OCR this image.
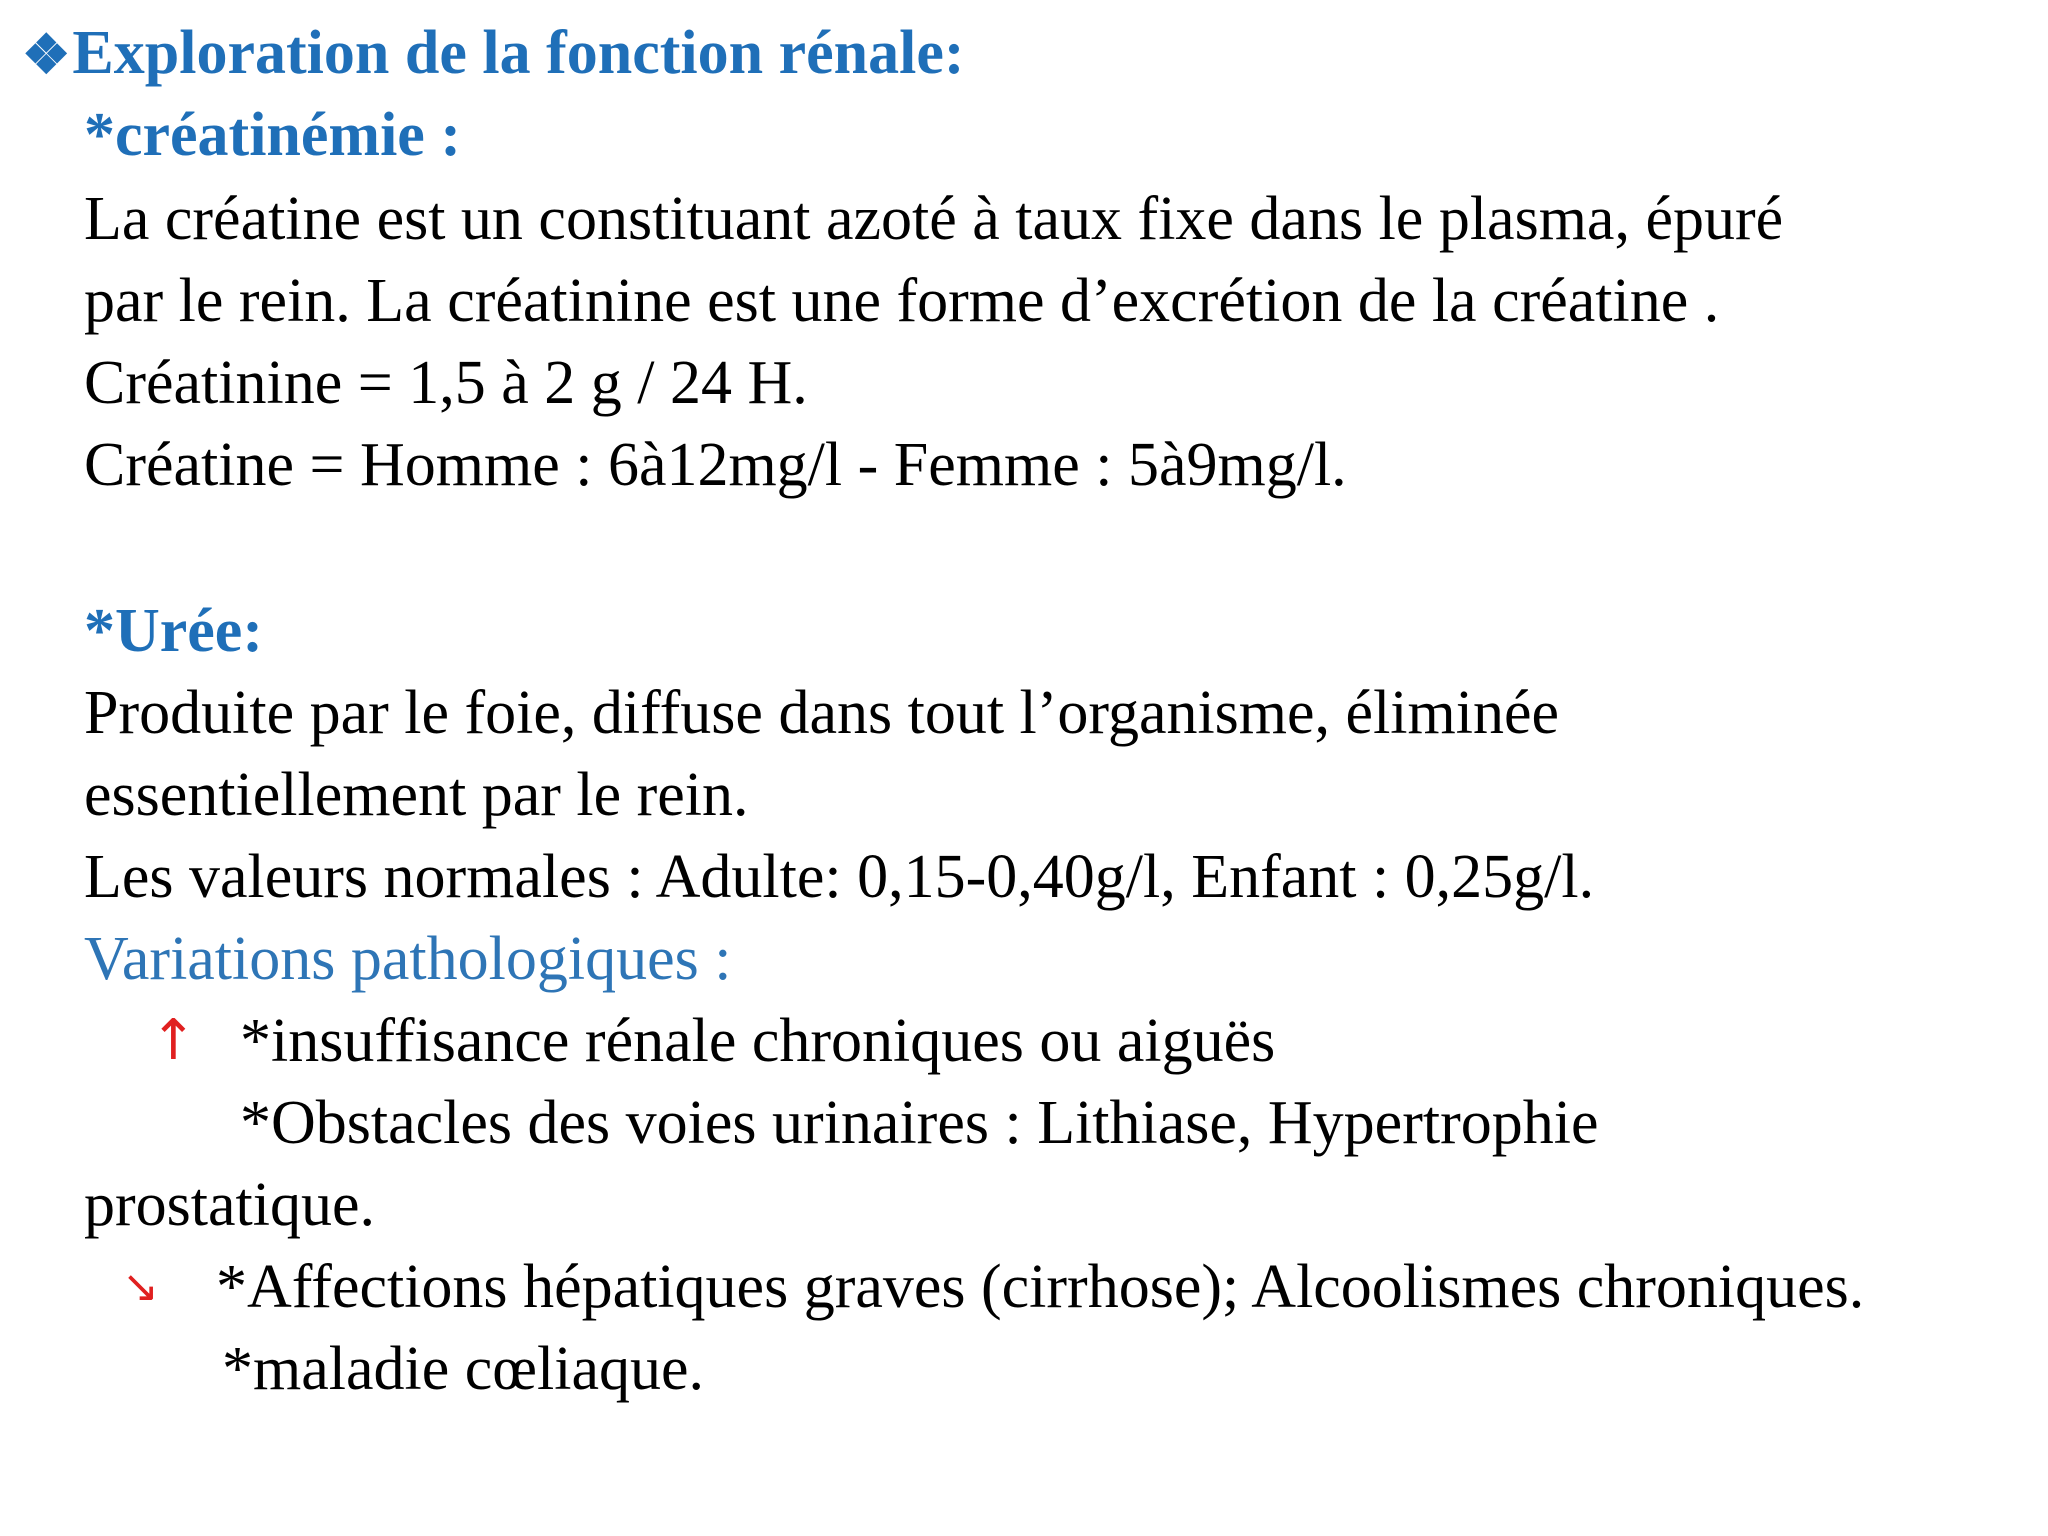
❖Exploration de la fonction rénale:
*créatinémie :
La créatine est un constituant azoté à taux fixe dans le plasma, épuré
par le rein. La créatinine est une forme d’excrétion de la créatine .
Créatinine = 1,5 à 2 g / 24 H.
Créatine = Homme : 6à12mg/l - Femme : 5à9mg/l.
*Urée:
Produite par le foie, diffuse dans tout l’organisme, éliminée
essentiellement par le rein.
Les valeurs normales : Adulte: 0,15-0,40g/l, Enfant : 0,25g/l.
Variations pathologiques :
↑ *insuffisance rénale chroniques ou aiguës
*Obstacles des voies urinaires : Lithiase, Hypertrophie
prostatique.
↘ *Affections hépatiques graves (cirrhose); Alcoolismes chroniques.
*maladie cœliaque.
